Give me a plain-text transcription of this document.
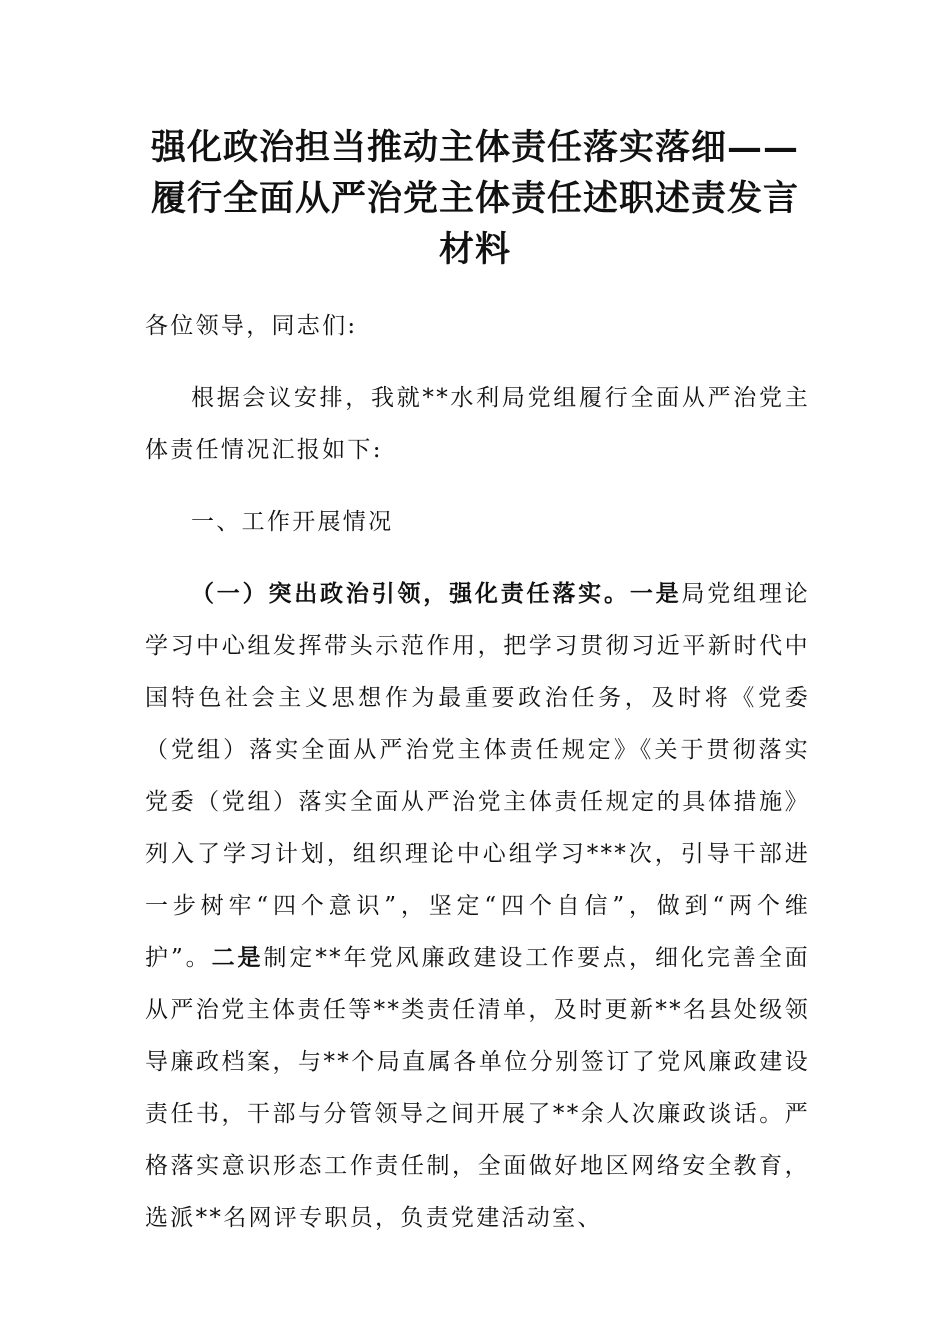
强化政治担当推动主体责任落实落细——
履行全面从严治党主体责任述职述责发言
材料

各位领导，同志们:

根据会议安排，我就**水利局党组履行全面从严治党主体责任情况汇报如下:

一、工作开展情况

（一）突出政治引领，强化责任落实。一是局党组理论学习中心组发挥带头示范作用，把学习贯彻习近平新时代中国特色社会主义思想作为最重要政治任务，及时将《党委（党组）落实全面从严治党主体责任规定》《关于贯彻落实党委（党组）落实全面从严治党主体责任规定的具体措施》列入了学习计划，组织理论中心组学习***次，引导干部进一步树牢“四个意识”，坚定“四个自信”，做到“两个维护”。二是制定**年党风廉政建设工作要点，细化完善全面从严治党主体责任等**类责任清单，及时更新**名县处级领导廉政档案，与**个局直属各单位分别签订了党风廉政建设责任书，干部与分管领导之间开展了**余人次廉政谈话。严格落实意识形态工作责任制，全面做好地区网络安全教育，选派**名网评专职员，负责党建活动室、
